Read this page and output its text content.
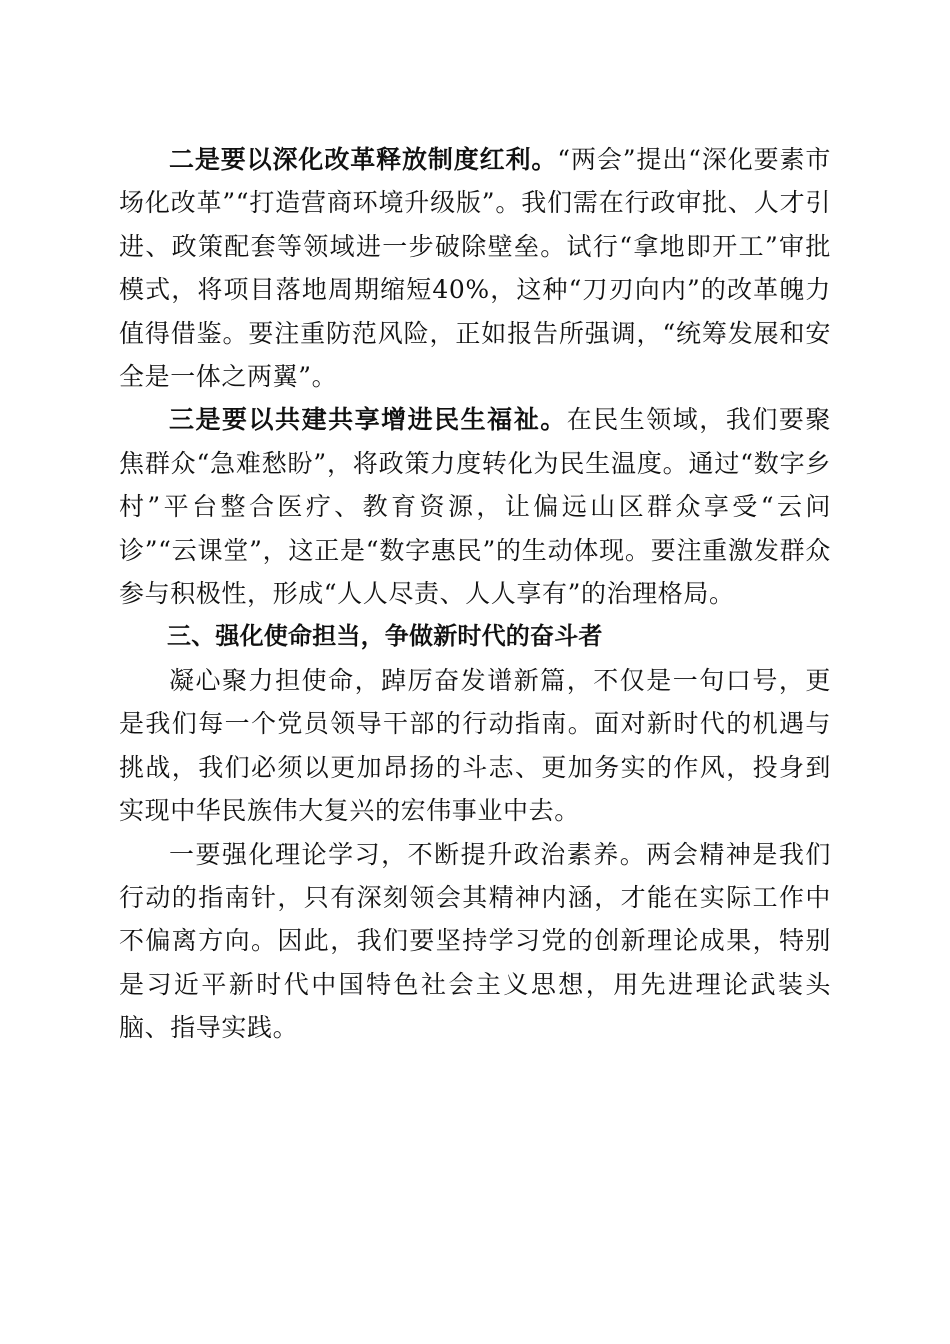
二是要以深化改革释放制度红利。“两会”提出“深化要素市场化改革”“打造营商环境升级版”。我们需在行政审批、人才引进、政策配套等领域进一步破除壁垒。试行“拿地即开工”审批模式，将项目落地周期缩短40%，这种“刀刃向内”的改革魄力值得借鉴。要注重防范风险，正如报告所强调，“统筹发展和安全是一体之两翼”。

三是要以共建共享增进民生福祉。在民生领域，我们要聚焦群众“急难愁盼”，将政策力度转化为民生温度。通过“数字乡村”平台整合医疗、教育资源，让偏远山区群众享受“云问诊”“云课堂”，这正是“数字惠民”的生动体现。要注重激发群众参与积极性，形成“人人尽责、人人享有”的治理格局。

三、强化使命担当，争做新时代的奋斗者

凝心聚力担使命，踔厉奋发谱新篇，不仅是一句口号，更是我们每一个党员领导干部的行动指南。面对新时代的机遇与挑战，我们必须以更加昂扬的斗志、更加务实的作风，投身到实现中华民族伟大复兴的宏伟事业中去。

一要强化理论学习，不断提升政治素养。两会精神是我们行动的指南针，只有深刻领会其精神内涵，才能在实际工作中不偏离方向。因此，我们要坚持学习党的创新理论成果，特别是习近平新时代中国特色社会主义思想，用先进理论武装头脑、指导实践。
